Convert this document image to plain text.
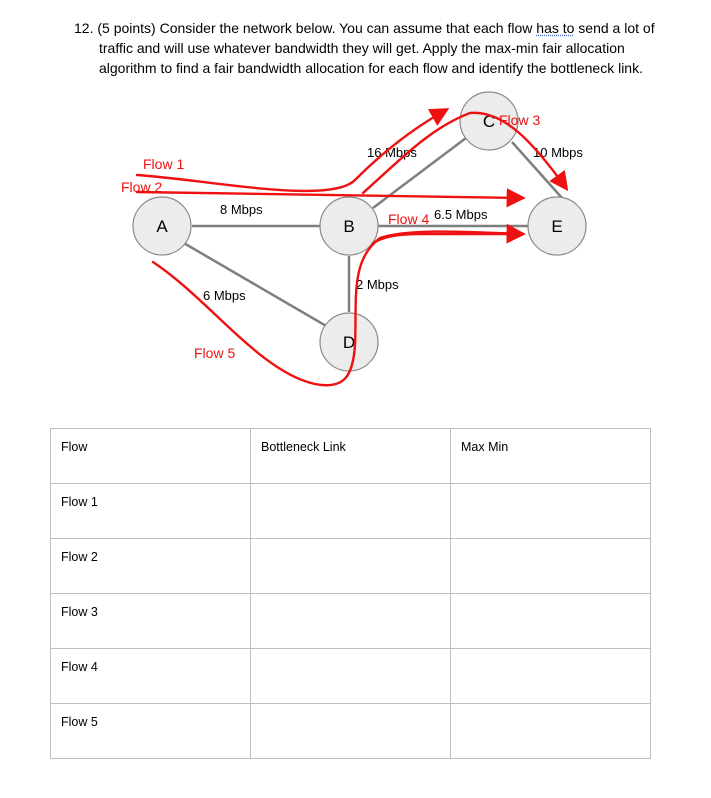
12. (5 points) Consider the network below. You can assume that each flow has to send a lot of traffic and will use whatever bandwidth they will get. Apply the max-min fair allocation algorithm to find a fair bandwidth allocation for each flow and identify the bottleneck link.

A	B
C
D
E
8 Mbps
6 Mbps
16 Mbps
6.5 Mbps
2 Mbps
10 Mbps
Flow 1
Flow 2
Flow 3
Flow 4
Flow 5
Flow	Bottleneck Link	Max Min
Flow 1		
Flow 2		
Flow 3		
Flow 4		
Flow 5		
